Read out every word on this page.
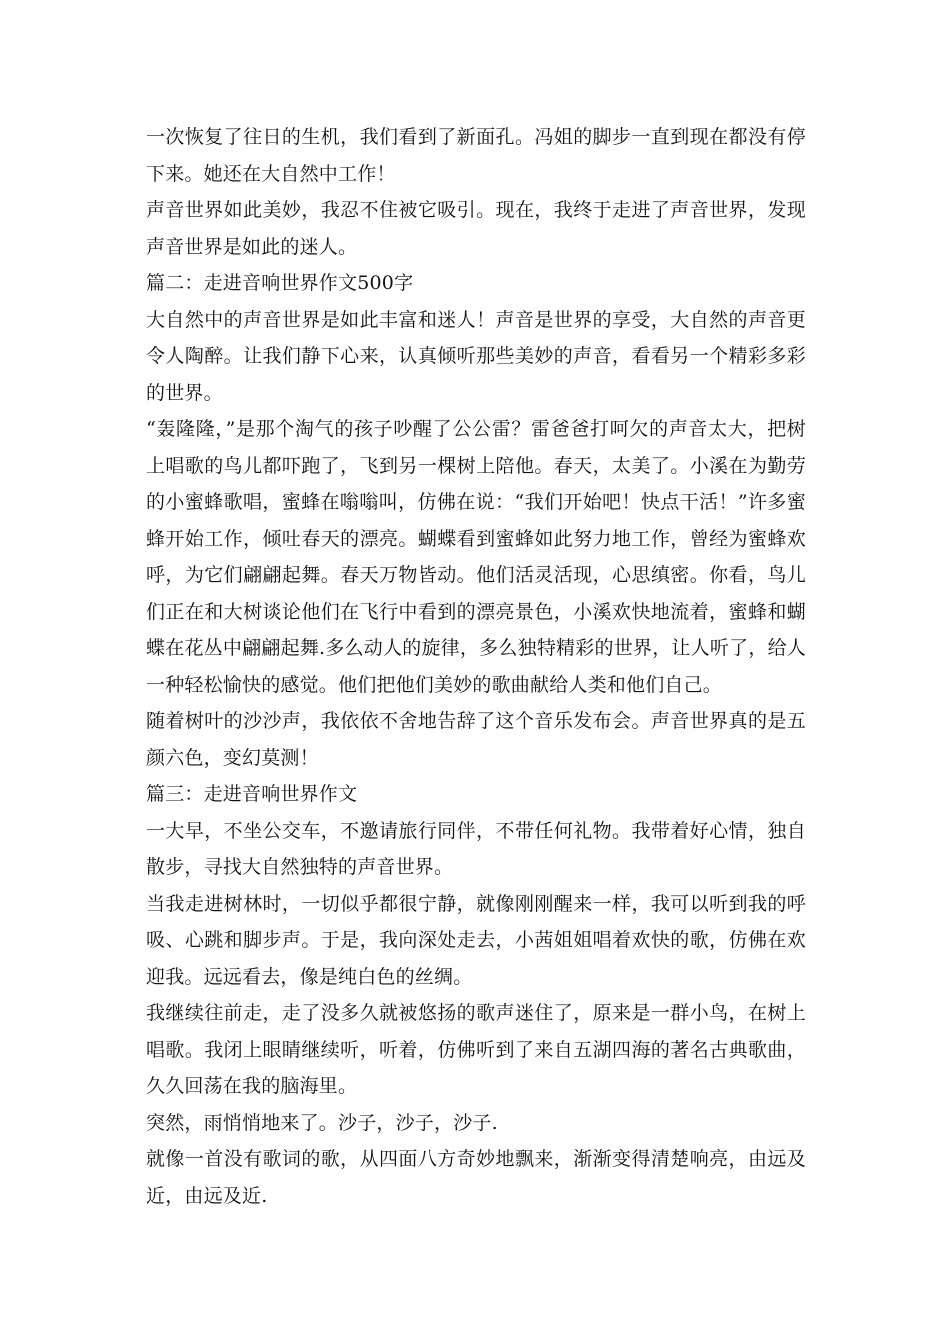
一次恢复了往日的生机，我们看到了新面孔。冯姐的脚步一直到现在都没有停下来。她还在大自然中工作！

声音世界如此美妙，我忍不住被它吸引。现在，我终于走进了声音世界，发现声音世界是如此的迷人。

篇二：走进音响世界作文500字

大自然中的声音世界是如此丰富和迷人！声音是世界的享受，大自然的声音更令人陶醉。让我们静下心来，认真倾听那些美妙的声音，看看另一个精彩多彩的世界。

“轰隆隆，”是那个淘气的孩子吵醒了公公雷？雷爸爸打呵欠的声音太大，把树上唱歌的鸟儿都吓跑了，飞到另一棵树上陪他。春天，太美了。小溪在为勤劳的小蜜蜂歌唱，蜜蜂在嗡嗡叫，仿佛在说：“我们开始吧！快点干活！”许多蜜蜂开始工作，倾吐春天的漂亮。蝴蝶看到蜜蜂如此努力地工作，曾经为蜜蜂欢呼，为它们翩翩起舞。春天万物皆动。他们活灵活现，心思缜密。你看，鸟儿们正在和大树谈论他们在飞行中看到的漂亮景色，小溪欢快地流着，蜜蜂和蝴蝶在花丛中翩翩起舞.多么动人的旋律，多么独特精彩的世界，让人听了，给人一种轻松愉快的感觉。他们把他们美妙的歌曲献给人类和他们自己。

随着树叶的沙沙声，我依依不舍地告辞了这个音乐发布会。声音世界真的是五颜六色，变幻莫测！

篇三：走进音响世界作文

一大早，不坐公交车，不邀请旅行同伴，不带任何礼物。我带着好心情，独自散步，寻找大自然独特的声音世界。

当我走进树林时，一切似乎都很宁静，就像刚刚醒来一样，我可以听到我的呼吸、心跳和脚步声。于是，我向深处走去，小茜姐姐唱着欢快的歌，仿佛在欢迎我。远远看去，像是纯白色的丝绸。

我继续往前走，走了没多久就被悠扬的歌声迷住了，原来是一群小鸟，在树上唱歌。我闭上眼睛继续听，听着，仿佛听到了来自五湖四海的著名古典歌曲，久久回荡在我的脑海里。

突然，雨悄悄地来了。沙子，沙子，沙子.

就像一首没有歌词的歌，从四面八方奇妙地飘来，渐渐变得清楚响亮，由远及近，由远及近.
